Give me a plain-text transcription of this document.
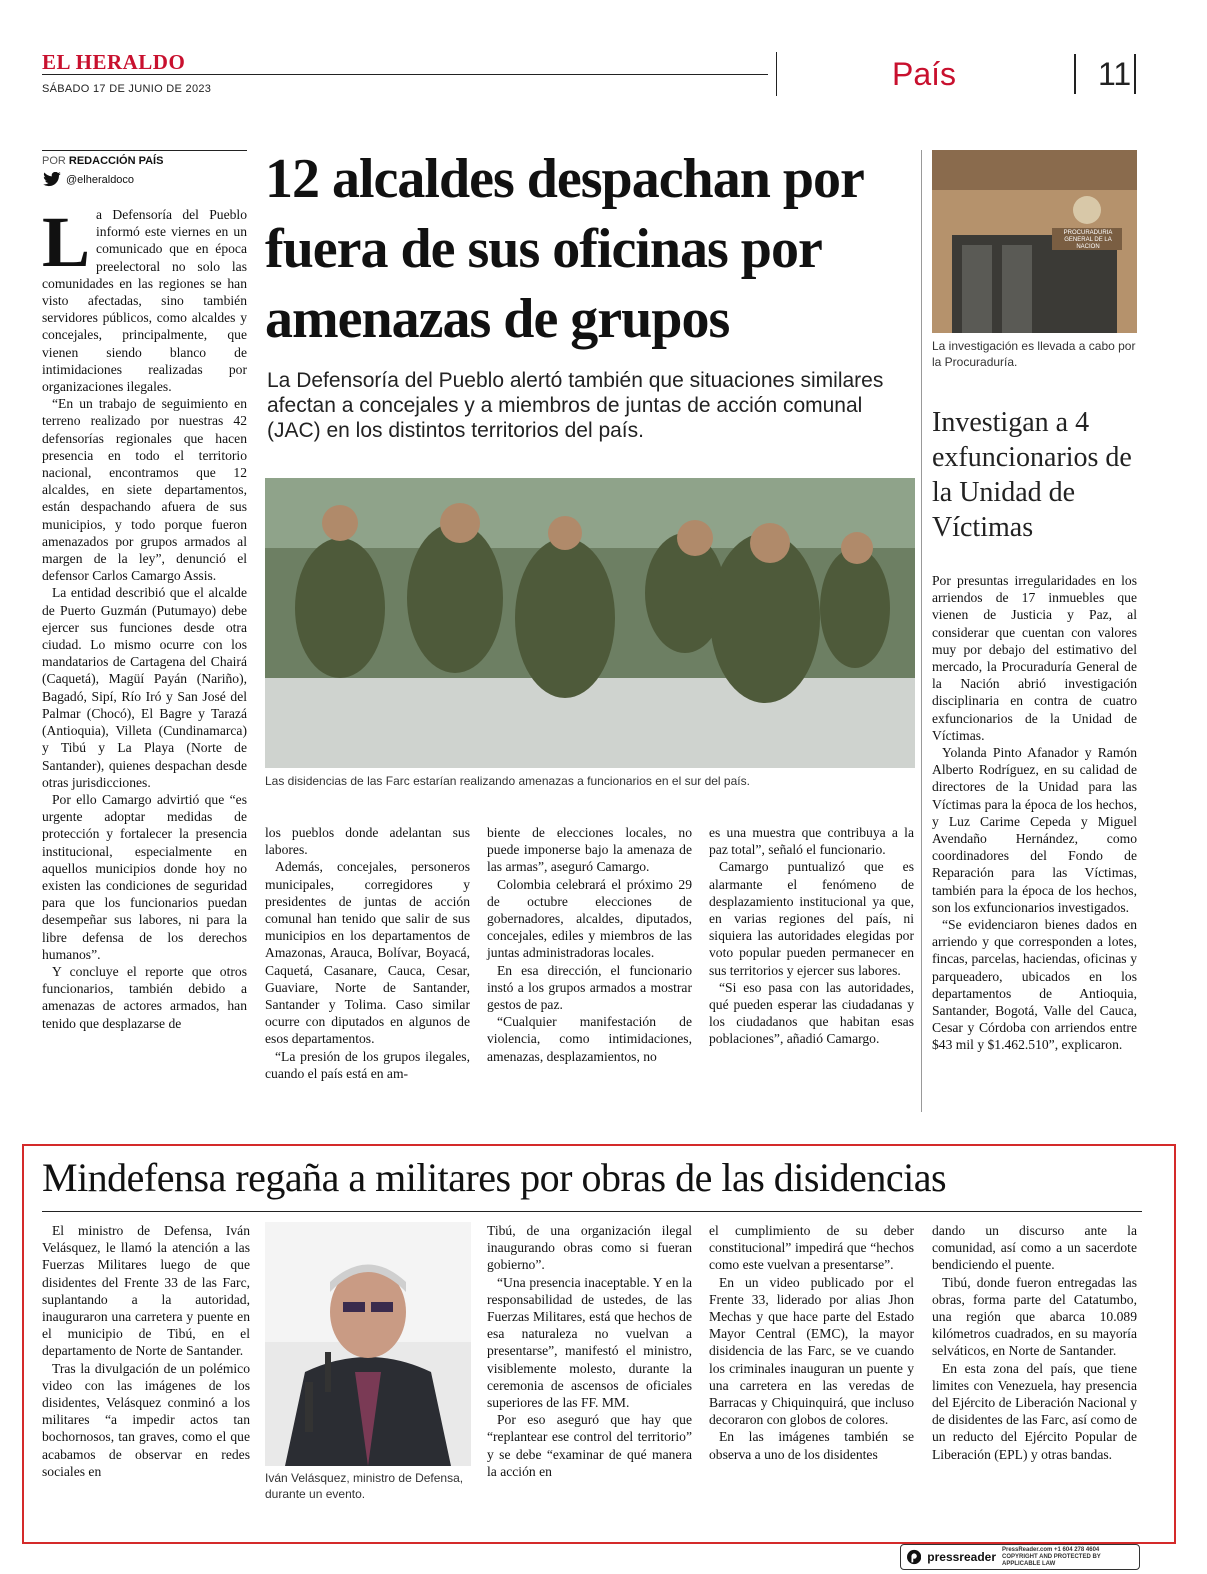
EL HERALDO
SÁBADO 17 DE JUNIO DE 2023	País	11
POR REDACCIÓN PAÍS
@elheraldoco
L a Defensoría del Pueblo informó este viernes en un comunicado que en época preelectoral no solo las comunidades en las regiones se han visto afectadas, sino también servidores públicos, como alcaldes y concejales, principalmente, que vienen siendo blanco de intimidaciones realizadas por organizaciones ilegales.

“En un trabajo de seguimiento en terreno realizado por nuestras 42 defensorías regionales que hacen presencia en todo el territorio nacional, encontramos que 12 alcaldes, en siete departamentos, están despachando afuera de sus municipios, y todo porque fueron amenazados por grupos armados al margen de la ley”, denunció el defensor Carlos Camargo Assis.

La entidad describió que el alcalde de Puerto Guzmán (Putumayo) debe ejercer sus funciones desde otra ciudad. Lo mismo ocurre con los mandatarios de Cartagena del Chairá (Caquetá), Magüí Payán (Nariño), Bagadó, Sipí, Río Iró y San José del Palmar (Chocó), El Bagre y Tarazá (Antioquia), Villeta (Cundinamarca) y Tibú y La Playa (Norte de Santander), quienes despachan desde otras jurisdicciones.

Por ello Camargo advirtió que “es urgente adoptar medidas de protección y fortalecer la presencia institucional, especialmente en aquellos municipios donde hoy no existen las condiciones de seguridad para que los funcionarios puedan desempeñar sus labores, ni para la libre defensa de los derechos humanos”.

Y concluye el reporte que otros funcionarios, también debido a amenazas de actores armados, han tenido que desplazarse de

12 alcaldes despachan por fuera de sus oficinas por amenazas de grupos
La Defensoría del Pueblo alertó también que situaciones similares afectan a concejales y a miembros de juntas de acción comunal (JAC) en los distintos territorios del país.
Las disidencias de las Farc estarían realizando amenazas a funcionarios en el sur del país.

los pueblos donde adelantan sus labores.

Además, concejales, personeros municipales, corregidores y presidentes de juntas de acción comunal han tenido que salir de sus municipios en los departamentos de Amazonas, Arauca, Bolívar, Boyacá, Caquetá, Casanare, Cauca, Cesar, Guaviare, Norte de Santander, Santander y Tolima. Caso similar ocurre con diputados en algunos de esos departamentos.

“La presión de los grupos ilegales, cuando el país está en am-

biente de elecciones locales, no puede imponerse bajo la amenaza de las armas”, aseguró Camargo.

Colombia celebrará el próximo 29 de octubre elecciones de gobernadores, alcaldes, diputados, concejales, ediles y miembros de las juntas administradoras locales.

En esa dirección, el funcionario instó a los grupos armados a mostrar gestos de paz.

“Cualquier manifestación de violencia, como intimidaciones, amenazas, desplazamientos, no

es una muestra que contribuya a la paz total”, señaló el funcionario.

Camargo puntualizó que es alarmante el fenómeno de desplazamiento institucional ya que, en varias regiones del país, ni siquiera las autoridades elegidas por voto popular pueden permanecer en sus territorios y ejercer sus labores.

“Si eso pasa con las autoridades, qué pueden esperar las ciudadanas y los ciudadanos que habitan esas poblaciones”, añadió Camargo.

PROCURADURIA GENERAL DE LA NACION
La investigación es llevada a cabo por la Procuraduría.
Investigan a 4 exfuncionarios de la Unidad de Víctimas

Por presuntas irregularidades en los arriendos de 17 inmuebles que vienen de Justicia y Paz, al considerar que cuentan con valores muy por debajo del estimativo del mercado, la Procuraduría General de la Nación abrió investigación disciplinaria en contra de cuatro exfuncionarios de la Unidad de Víctimas.

Yolanda Pinto Afanador y Ramón Alberto Rodríguez, en su calidad de directores de la Unidad para las Víctimas para la época de los hechos, y Luz Carime Cepeda y Miguel Avendaño Hernández, como coordinadores del Fondo de Reparación para las Víctimas, también para la época de los hechos, son los exfuncionarios investigados.

“Se evidenciaron bienes dados en arriendo y que corresponden a lotes, fincas, parcelas, haciendas, oficinas y parqueadero, ubicados en los departamentos de Antioquia, Santander, Bogotá, Valle del Cauca, Cesar y Córdoba con arriendos entre $43 mil y $1.462.510”, explicaron.

Mindefensa regaña a militares por obras de las disidencias

El ministro de Defensa, Iván Velásquez, le llamó la atención a las Fuerzas Militares luego de que disidentes del Frente 33 de las Farc, suplantando a la autoridad, inauguraron una carretera y puente en el municipio de Tibú, en el departamento de Norte de Santander.

Tras la divulgación de un polémico video con las imágenes de los disidentes, Velásquez conminó a los militares “a impedir actos tan bochornosos, tan graves, como el que acabamos de observar en redes sociales en	Iván Velásquez, ministro de Defensa, durante un evento.

Tibú, de una organización ilegal inaugurando obras como si fueran gobierno”.

“Una presencia inaceptable. Y en la responsabilidad de ustedes, de las Fuerzas Militares, está que hechos de esa naturaleza no vuelvan a presentarse”, manifestó el ministro, visiblemente molesto, durante la ceremonia de ascensos de oficiales superiores de las FF. MM.

Por eso aseguró que hay que “replantear ese control del territorio” y se debe “examinar de qué manera la acción en

el cumplimiento de su deber constitucional” impedirá que “hechos como este vuelvan a presentarse”.

En un video publicado por el Frente 33, liderado por alias Jhon Mechas y que hace parte del Estado Mayor Central (EMC), la mayor disidencia de las Farc, se ve cuando los criminales inauguran un puente y una carretera en las veredas de Barracas y Chiquinquirá, que incluso decoraron con globos de colores.

En las imágenes también se observa a uno de los disidentes

dando un discurso ante la comunidad, así como a un sacerdote bendiciendo el puente.

Tibú, donde fueron entregadas las obras, forma parte del Catatumbo, una región que abarca 10.089 kilómetros cuadrados, en su mayoría selváticos, en Norte de Santander.

En esta zona del país, que tiene limites con Venezuela, hay presencia del Ejército de Liberación Nacional y de disidentes de las Farc, así como de un reducto del Ejército Popular de Liberación (EPL) y otras bandas.

pressreader
PressReader.com +1 604 278 4604
COPYRIGHT AND PROTECTED BY APPLICABLE LAW
